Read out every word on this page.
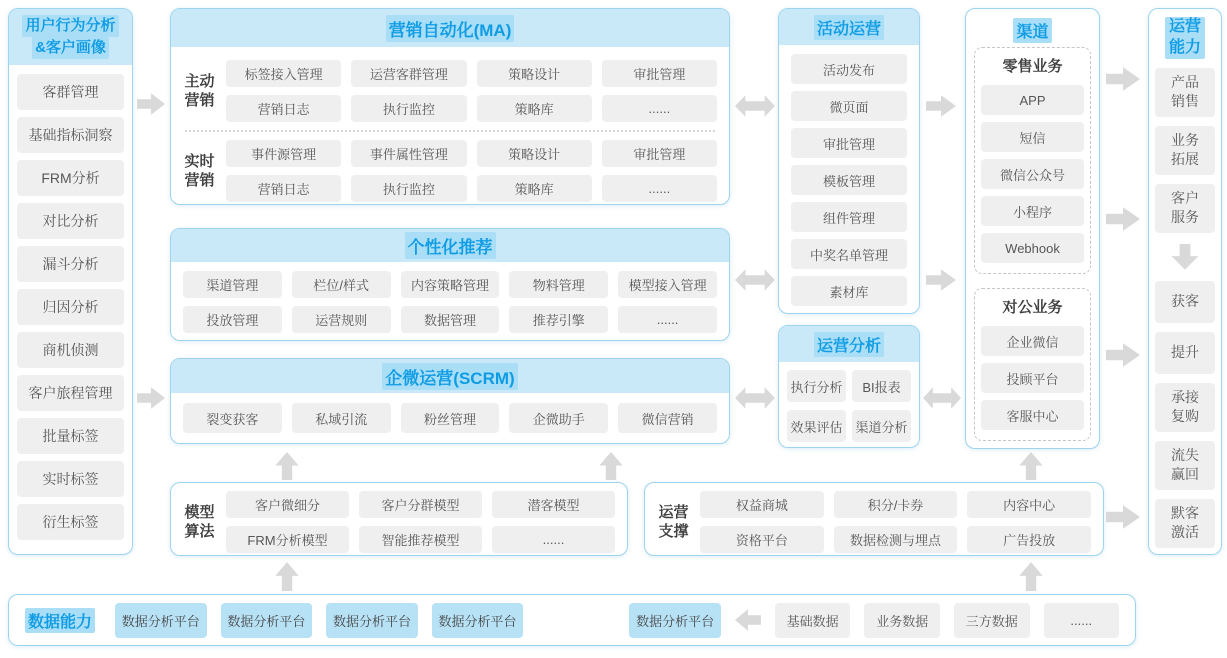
用户行为分析
&客户画像
客群管理
基础指标洞察
FRM分析
对比分析
漏斗分析
归因分析
商机侦测
客户旅程管理
批量标签
实时标签
衍生标签
营销自动化(MA)
主动营销
标签接入管理	运营客群管理	策略设计	审批管理
营销日志	执行监控	策略库	......
实时营销
事件源管理	事件属性管理	策略设计	审批管理
营销日志	执行监控	策略库	......
个性化推荐
渠道管理	栏位/样式	内容策略管理	物料管理	模型接入管理
投放管理	运营规则	数据管理	推荐引擎	......
企微运营(SCRM)
裂变获客	私域引流	粉丝管理	企微助手	微信营销
模型算法
客户微细分	客户分群模型	潜客模型
FRM分析模型	智能推荐模型	......
运营支撑
权益商城	积分/卡券	内容中心
资格平台	数据检测与埋点	广告投放
活动运营
活动发布
微页面
审批管理
模板管理
组件管理
中奖名单管理
素材库
运营分析
执行分析	BI报表
效果评估 渠道分析
渠道
零售业务
APP
短信
微信公众号
小程序
Webhook
对公业务
企业微信
投顾平台
客服中心
运营能力
产品销售
业务拓展
客户服务
获客
提升
承接复购
流失赢回
默客激活
数据能力	数据分析平台	数据分析平台	数据分析平台	数据分析平台	数据分析平台	基础数据	业务数据	三方数据	......
